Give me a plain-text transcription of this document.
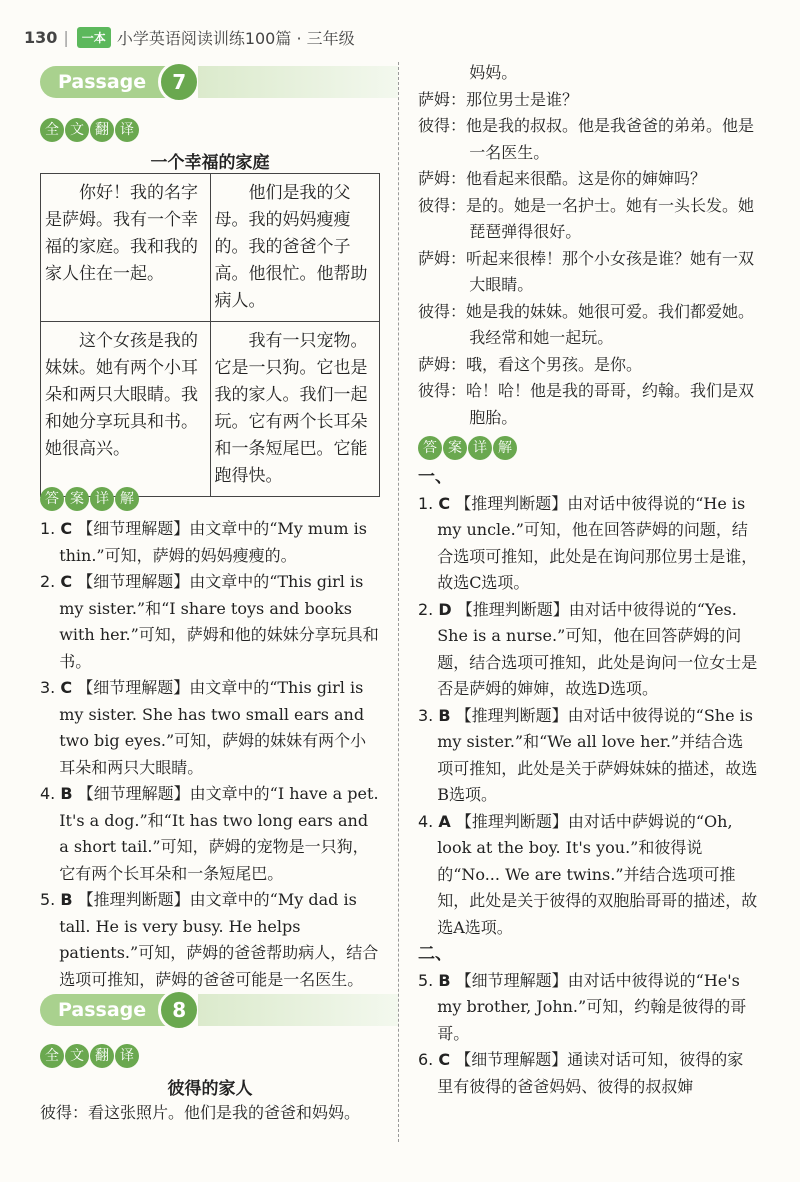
130 |	一本 小学英语阅读训练100篇 · 三年级
Passage	7
全 文 翻 译
一个幸福的家庭
你好！我的名字是萨姆。我有一个幸福的家庭。我和我的家人住在一起。	他们是我的父母。我的妈妈瘦瘦的。我的爸爸个子高。他很忙。他帮助病人。

这个女孩是我的妹妹。她有两个小耳朵和两只大眼睛。我和她分享玩具和书。她很高兴。	我有一只宠物。它是一只狗。它也是我的家人。我们一起玩。它有两个长耳朵和一条短尾巴。它能跑得快。
答 案 详 解

1. C 【细节理解题】由文章中的“My mum is thin.”可知，萨姆的妈妈瘦瘦的。

2. C 【细节理解题】由文章中的“This girl is my sister.”和“I share toys and books with her.”可知，萨姆和他的妹妹分享玩具和书。

3. C 【细节理解题】由文章中的“This girl is my sister. She has two small ears and two big eyes.”可知，萨姆的妹妹有两个小耳朵和两只大眼睛。

4. B 【细节理解题】由文章中的“I have a pet. It's a dog.”和“It has two long ears and a short tail.”可知，萨姆的宠物是一只狗，它有两个长耳朵和一条短尾巴。

5. B 【推理判断题】由文章中的“My dad is tall. He is very busy. He helps patients.”可知，萨姆的爸爸帮助病人，结合选项可推知，萨姆的爸爸可能是一名医生。

Passage	8
全 文 翻 译
彼得的家人

彼得：看这张照片。他们是我的爸爸和妈妈。

妈妈。

萨姆：那位男士是谁？

彼得：他是我的叔叔。他是我爸爸的弟弟。他是一名医生。

萨姆：他看起来很酷。这是你的婶婶吗？

彼得：是的。她是一名护士。她有一头长发。她琵琶弹得很好。

萨姆：听起来很棒！那个小女孩是谁？她有一双大眼睛。

彼得：她是我的妹妹。她很可爱。我们都爱她。我经常和她一起玩。

萨姆：哦，看这个男孩。是你。

彼得：哈！哈！他是我的哥哥，约翰。我们是双胞胎。

答 案 详 解
一、

1. C 【推理判断题】由对话中彼得说的“He is my uncle.”可知，他在回答萨姆的问题，结合选项可推知，此处是在询问那位男士是谁，故选C选项。

2. D 【推理判断题】由对话中彼得说的“Yes. She is a nurse.”可知，他在回答萨姆的问题，结合选项可推知，此处是询问一位女士是否是萨姆的婶婶，故选D选项。

3. B 【推理判断题】由对话中彼得说的“She is my sister.”和“We all love her.”并结合选项可推知，此处是关于萨姆妹妹的描述，故选B选项。

4. A 【推理判断题】由对话中萨姆说的“Oh, look at the boy. It's you.”和彼得说的“No... We are twins.”并结合选项可推知，此处是关于彼得的双胞胎哥哥的描述，故选A选项。

二、

5. B 【细节理解题】由对话中彼得说的“He's my brother, John.”可知，约翰是彼得的哥哥。

6. C 【细节理解题】通读对话可知，彼得的家里有彼得的爸爸妈妈、彼得的叔叔婶
